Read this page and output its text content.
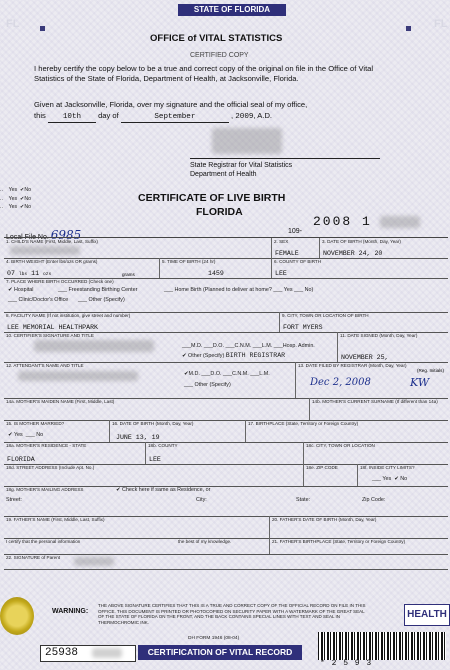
FL	FL
STATE OF FLORIDA
OFFICE of VITAL STATISTICS
CERTIFIED COPY
I hereby certify the copy below to be a true and correct copy of the original on file in the Office of Vital Statistics of the State of Florida, Department of Health, at Jacksonville, Florida.
Given at Jacksonville, Florida, over my signature and the official seal of my office,
this 10th day of	September	, 2009, A.D.
State Registrar for Vital Statistics
Department of Health
..    Yes ✔No
..    Yes ✔No
..    Yes ✔No
CERTIFICATE OF LIVE BIRTH
FLORIDA
Local File No. 6985	109-
2008 1
1. CHILD'S NAME (First, Middle, Last, Suffix)	2. SEX
FEMALE
3. DATE OF BIRTH (Month, Day, Year)
NOVEMBER 24, 20
4. BIRTH WEIGHT (Enter lbs/ozs OR grams)
07 lbs 11 ozs	grams
5. TIME OF BIRTH (24 hr)
1459
6. COUNTY OF BIRTH
LEE
7. PLACE WHERE BIRTH OCCURRED (Check one)
✔ Hospital	___ Freestanding Birthing Center	___ Home Birth (Planned to deliver at home? ___ Yes ___ No)
___ Clinic/Doctor's Office ___ Other (Specify)
8. FACILITY NAME (If not institution, give street and number)
LEE MEMORIAL HEALTHPARK
9. CITY, TOWN OR LOCATION OF BIRTH
FORT MYERS
10. CERTIFIER'S SIGNATURE AND TITLE
___M.D. ___D.O. ___C.N.M. ___L.M. ___Hosp. Admin.
✔ Other (Specify) BIRTH REGISTRAR
11. DATE SIGNED (Month, Day, Year)
NOVEMBER 25,
12. ATTENDANT'S NAME AND TITLE
✔M.D. ___D.O. ___C.N.M. ___L.M.
___ Other (Specify)
13. DATE FILED BY REGISTRAR (Month, Day, Year)
(Reg. Initials)
Dec 2, 2008	KW
14a. MOTHER'S MAIDEN NAME (First, Middle, Last)	14b. MOTHER'S CURRENT SURNAME (If different than 14a)
15. IS MOTHER MARRIED?
✔ Yes  ___ No
16. DATE OF BIRTH (Month, Day, Year)
JUNE 13, 19
17. BIRTHPLACE (State, Territory or Foreign Country)
18a. MOTHER'S RESIDENCE - STATE
FLORIDA
18b. COUNTY
LEE
18c. CITY, TOWN OR LOCATION
18d. STREET ADDRESS (Include Apt. No.)	18e. ZIP CODE	18f. INSIDE CITY LIMITS?
___ Yes ✔ No
18g. MOTHER'S MAILING ADDRESS	✔ Check here if same as Residence, or
Street:	City:	State:	Zip Code:
19. FATHER'S NAME (First, Middle, Last, Suffix)	20. FATHER'S DATE OF BIRTH (Month, Day, Year)
I certify that the personal information	the best of my knowledge.	21. FATHER'S BIRTHPLACE (State, Territory or Foreign Country)
22. SIGNATURE of Parent
WARNING:
THE ABOVE SIGNATURE CERTIFIES THAT THIS IS A TRUE AND CORRECT COPY OF THE OFFICIAL RECORD ON FILE IN THIS OFFICE. THIS DOCUMENT IS PRINTED OR PHOTOCOPIED ON SECURITY PAPER WITH A WATERMARK OF THE GREAT SEAL OF THE STATE OF FLORIDA ON THE FRONT, AND THE BACK CONTAINS SPECIAL LINES WITH TEXT AND SEAL IN THERMOCHROMIC INK.
DH FORM 1946 (08-04)
HEALTH
25938	CERTIFICATION OF VITAL RECORD
* 2 5 9 3
